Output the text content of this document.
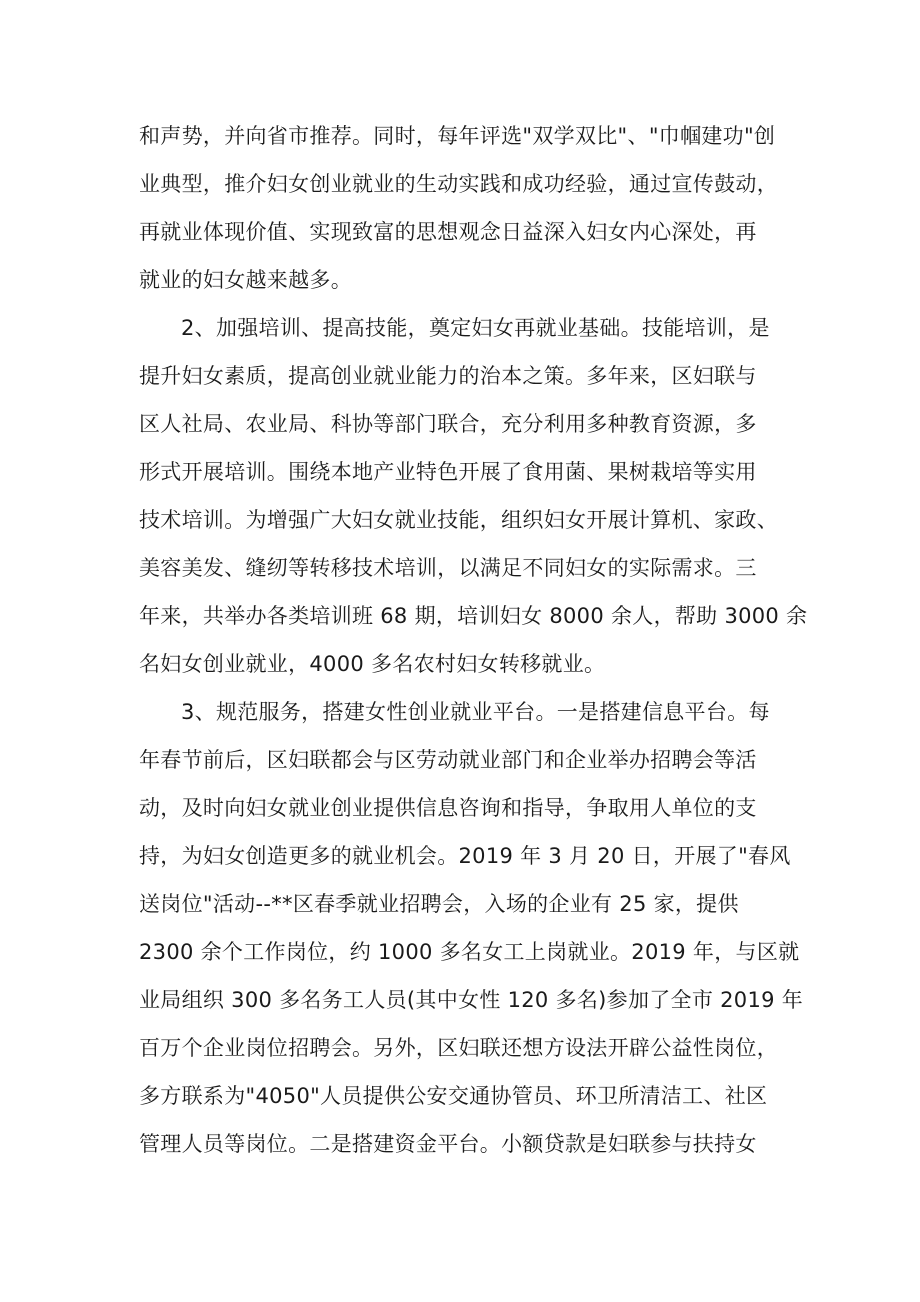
和声势，并向省市推荐。同时，每年评选"双学双比"、"巾帼建功"创

业典型，推介妇女创业就业的生动实践和成功经验，通过宣传鼓动，

再就业体现价值、实现致富的思想观念日益深入妇女内心深处，再

就业的妇女越来越多。

2、加强培训、提高技能，奠定妇女再就业基础。技能培训，是

提升妇女素质，提高创业就业能力的治本之策。多年来，区妇联与

区人社局、农业局、科协等部门联合，充分利用多种教育资源，多

形式开展培训。围绕本地产业特色开展了食用菌、果树栽培等实用

技术培训。为增强广大妇女就业技能，组织妇女开展计算机、家政、

美容美发、缝纫等转移技术培训，以满足不同妇女的实际需求。三

年来，共举办各类培训班 68 期，培训妇女 8000 余人，帮助 3000 余

名妇女创业就业，4000 多名农村妇女转移就业。

3、规范服务，搭建女性创业就业平台。一是搭建信息平台。每

年春节前后，区妇联都会与区劳动就业部门和企业举办招聘会等活

动，及时向妇女就业创业提供信息咨询和指导，争取用人单位的支

持，为妇女创造更多的就业机会。2019 年 3 月 20 日，开展了"春风

送岗位"活动--**区春季就业招聘会，入场的企业有 25 家，提供

2300 余个工作岗位，约 1000 多名女工上岗就业。2019 年，与区就

业局组织 300 多名务工人员(其中女性 120 多名)参加了全市 2019 年

百万个企业岗位招聘会。另外，区妇联还想方设法开辟公益性岗位，

多方联系为"4050"人员提供公安交通协管员、环卫所清洁工、社区

管理人员等岗位。二是搭建资金平台。小额贷款是妇联参与扶持女
